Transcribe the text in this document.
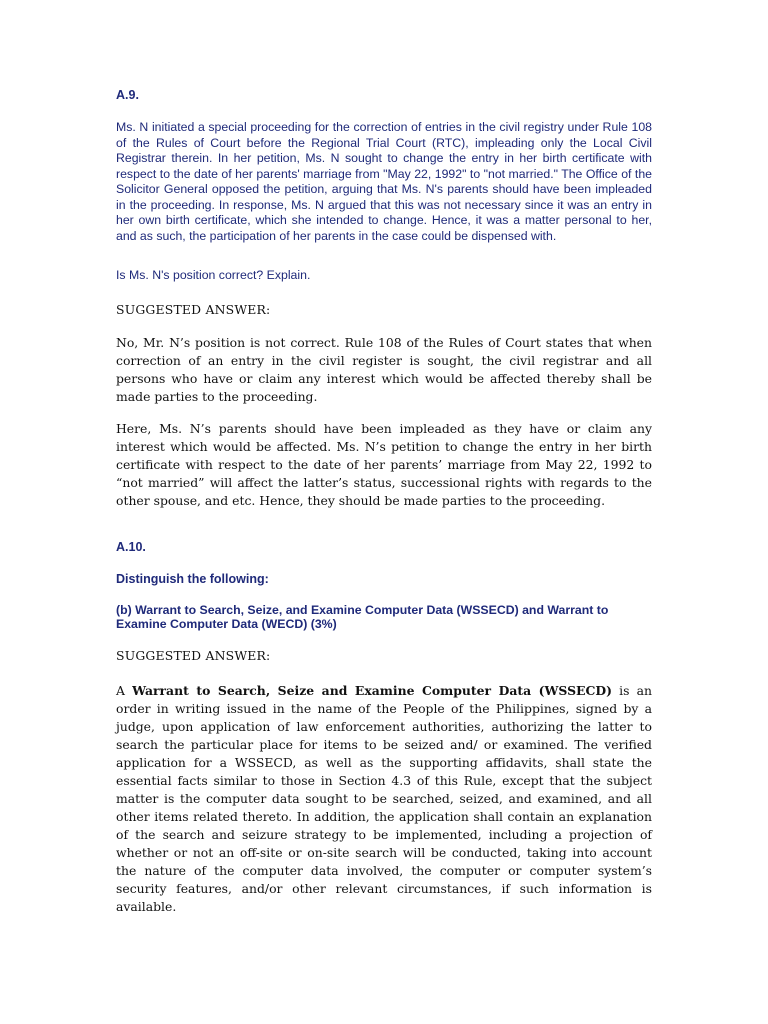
A.9.

Ms. N initiated a special proceeding for the correction of entries in the civil registry under Rule 108 of the Rules of Court before the Regional Trial Court (RTC), impleading only the Local Civil Registrar therein. In her petition, Ms. N sought to change the entry in her birth certificate with respect to the date of her parents' marriage from "May 22, 1992" to "not married." The Office of the Solicitor General opposed the petition, arguing that Ms. N's parents should have been impleaded in the proceeding. In response, Ms. N argued that this was not necessary since it was an entry in her own birth certificate, which she intended to change. Hence, it was a matter personal to her, and as such, the participation of her parents in the case could be dispensed with.

Is Ms. N's position correct? Explain.

SUGGESTED ANSWER:

No, Mr. N’s position is not correct. Rule 108 of the Rules of Court states that when correction of an entry in the civil register is sought, the civil registrar and all persons who have or claim any interest which would be affected thereby shall be made parties to the proceeding.

Here, Ms. N’s parents should have been impleaded as they have or claim any interest which would be affected. Ms. N’s petition to change the entry in her birth certificate with respect to the date of her parents’ marriage from May 22, 1992 to “not married” will affect the latter’s status, successional rights with regards to the other spouse, and etc. Hence, they should be made parties to the proceeding.

A.10.
Distinguish the following:

(b) Warrant to Search, Seize, and Examine Computer Data (WSSECD) and Warrant to Examine Computer Data (WECD) (3%)

SUGGESTED ANSWER:

A Warrant to Search, Seize and Examine Computer Data (WSSECD) is an order in writing issued in the name of the People of the Philippines, signed by a judge, upon application of law enforcement authorities, authorizing the latter to search the particular place for items to be seized and/ or examined. The verified application for a WSSECD, as well as the supporting affidavits, shall state the essential facts similar to those in Section 4.3 of this Rule, except that the subject matter is the computer data sought to be searched, seized, and examined, and all other items related thereto. In addition, the application shall contain an explanation of the search and seizure strategy to be implemented, including a projection of whether or not an off-site or on-site search will be conducted, taking into account the nature of the computer data involved, the computer or computer system’s security features, and/or other relevant circumstances, if such information is available.
